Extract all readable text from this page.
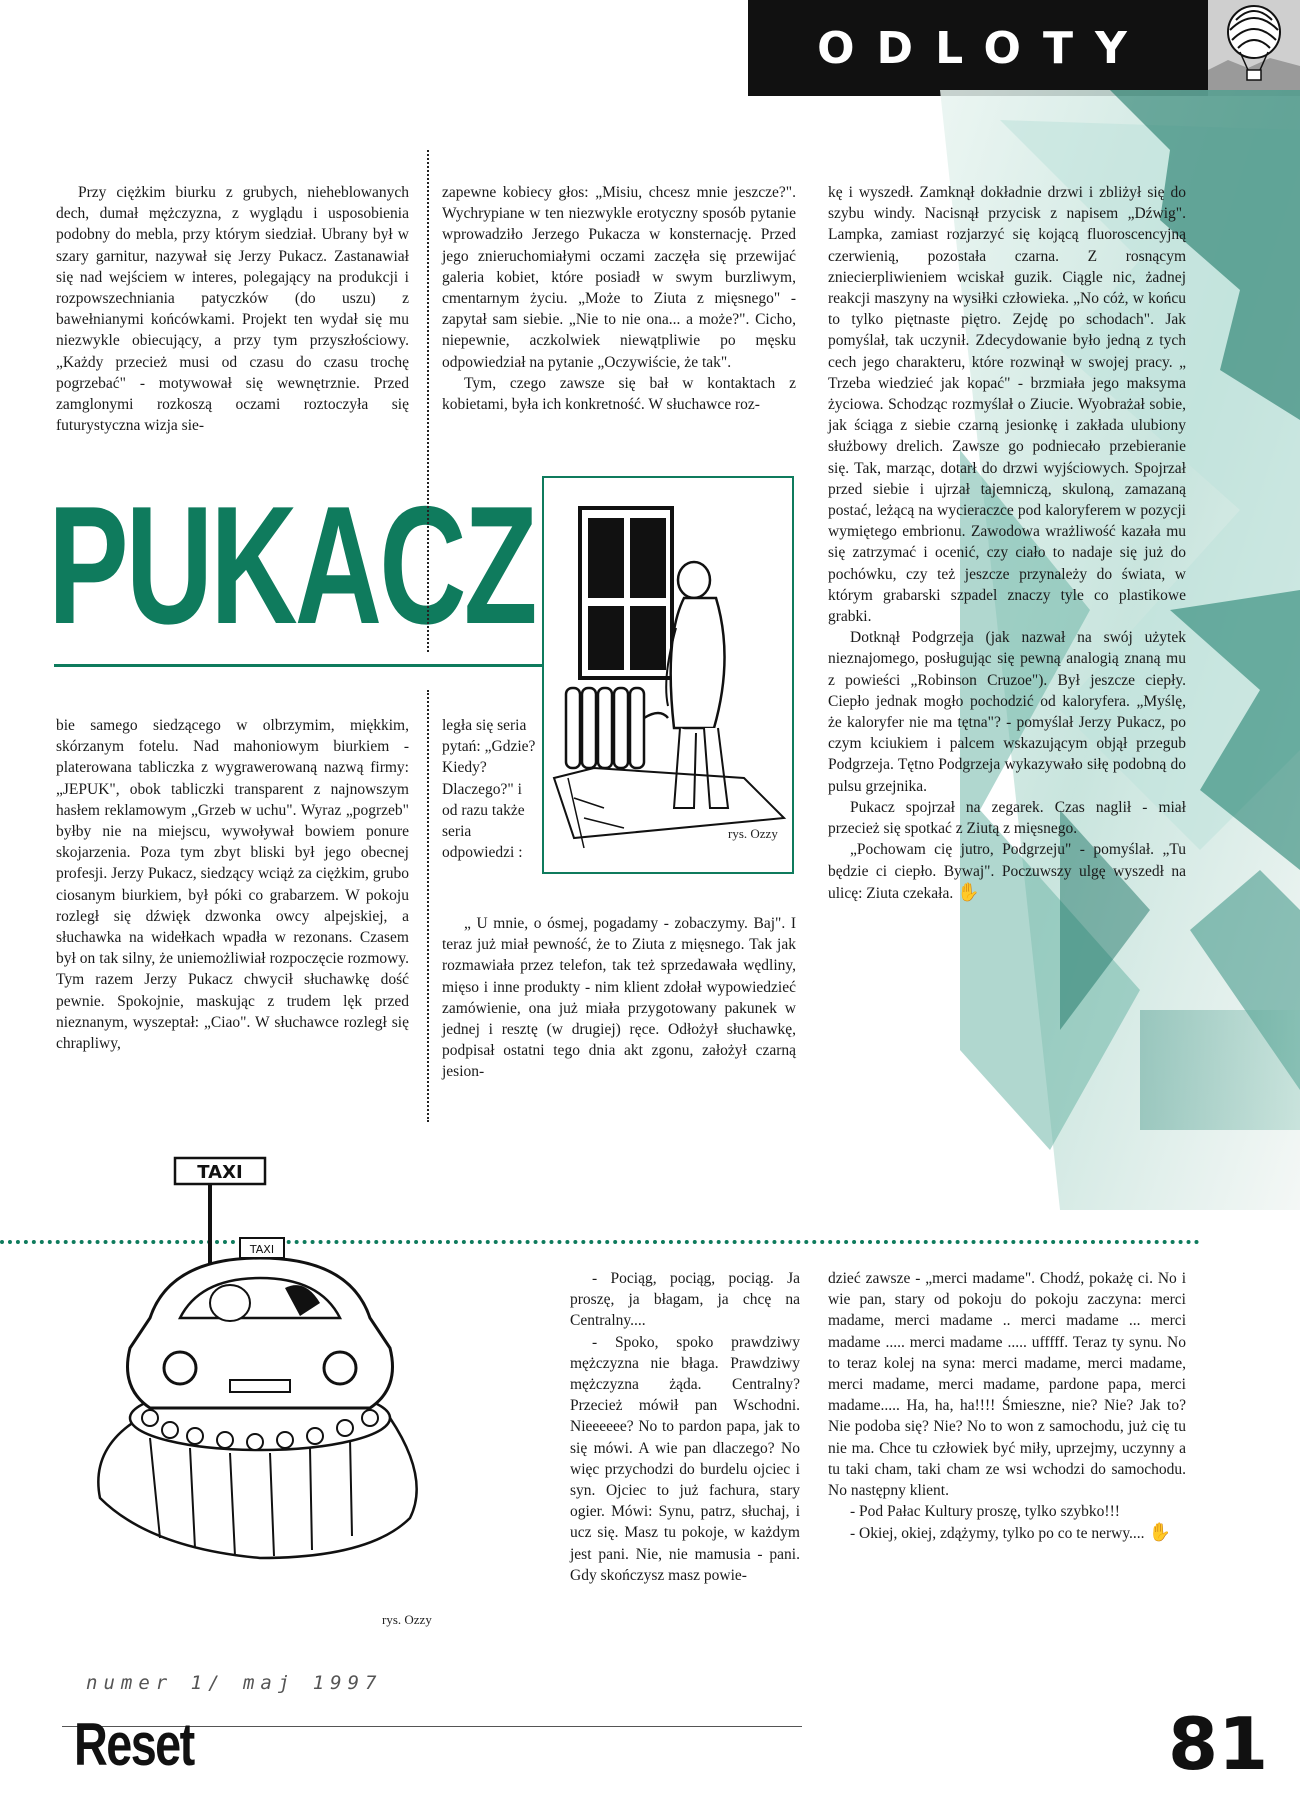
ODLOTY

Przy ciężkim biurku z grubych, nieheblowanych dech, dumał mężczyzna, z wyglądu i usposobienia podobny do mebla, przy którym siedział. Ubrany był w szary garnitur, nazywał się Jerzy Pukacz. Zastanawiał się nad wejściem w interes, polegający na produkcji i rozpowszechniania patyczków (do uszu) z bawełnianymi końcówkami. Projekt ten wydał się mu niezwykle obiecujący, a przy tym przyszłościowy. „Każdy przecież musi od czasu do czasu trochę pogrzebać" - motywował się wewnętrznie. Przed zamglonymi rozkoszą oczami roztoczyła się futurystyczna wizja sie-

zapewne kobiecy głos: „Misiu, chcesz mnie jeszcze?". Wychrypiane w ten niezwykle erotyczny sposób pytanie wprowadziło Jerzego Pukacza w konsternację. Przed jego znieruchomiałymi oczami zaczęła się przewijać galeria kobiet, które posiadł w swym burzliwym, cmentarnym życiu. „Może to Ziuta z mięsnego" - zapytał sam siebie. „Nie to nie ona... a może?". Cicho, niepewnie, aczkolwiek niewątpliwie po męsku odpowiedział na pytanie „Oczywiście, że tak".

Tym, czego zawsze się bał w kontaktach z kobietami, była ich konkretność. W słuchawce roz-

kę i wyszedł. Zamknął dokładnie drzwi i zbliżył się do szybu windy. Nacisnął przycisk z napisem „Dźwig". Lampka, zamiast rozjarzyć się kojącą fluoroscencyjną czerwienią, pozostała czarna. Z rosnącym zniecierpliwieniem wciskał guzik. Ciągle nic, żadnej reakcji maszyny na wysiłki człowieka. „No cóż, w końcu to tylko piętnaste piętro. Zejdę po schodach". Jak pomyślał, tak uczynił. Zdecydowanie było jedną z tych cech jego charakteru, które rozwinął w swojej pracy. „ Trzeba wiedzieć jak kopać" - brzmiała jego maksyma życiowa. Schodząc rozmyślał o Ziucie. Wyobrażał sobie, jak ściąga z siebie czarną jesionkę i zakłada ulubiony służbowy drelich. Zawsze go podniecało przebieranie się. Tak, marząc, dotarł do drzwi wyjściowych. Spojrzał przed siebie i ujrzał tajemniczą, skuloną, zamazaną postać, leżącą na wycieraczce pod kaloryferem w pozycji wymiętego embrionu. Zawodowa wrażliwość kazała mu się zatrzymać i ocenić, czy ciało to nadaje się już do pochówku, czy też jeszcze przynależy do świata, w którym grabarski szpadel znaczy tyle co plastikowe grabki.

Dotknął Podgrzeja (jak nazwał na swój użytek nieznajomego, posługując się pewną analogią znaną mu z powieści „Robinson Cruzoe"). Był jeszcze ciepły. Ciepło jednak mogło pochodzić od kaloryfera. „Myślę, że kaloryfer nie ma tętna"? - pomyślał Jerzy Pukacz, po czym kciukiem i palcem wskazującym objął przegub Podgrzeja. Tętno Podgrzeja wykazywało siłę podobną do pulsu grzejnika.

Pukacz spojrzał na zegarek. Czas naglił - miał przecież się spotkać z Ziutą z mięsnego.

„Pochowam cię jutro, Podgrzeju" - pomyślał. „Tu będzie ci ciepło. Bywaj". Poczuwszy ulgę wyszedł na ulicę: Ziuta czekała. ✋

PUKACZ
rys. Ozzy

bie samego siedzącego w olbrzymim, miękkim, skórzanym fotelu. Nad mahoniowym biurkiem - platerowana tabliczka z wygrawerowaną nazwą firmy: „JEPUK", obok tabliczki transparent z najnowszym hasłem reklamowym „Grzeb w uchu". Wyraz „pogrzeb" byłby nie na miejscu, wywoływał bowiem ponure skojarzenia. Poza tym zbyt bliski był jego obecnej profesji. Jerzy Pukacz, siedzący wciąż za ciężkim, grubo ciosanym biurkiem, był póki co grabarzem. W pokoju rozległ się dźwięk dzwonka owcy alpejskiej, a słuchawka na widełkach wpadła w rezonans. Czasem był on tak silny, że uniemożliwiał rozpoczęcie rozmowy. Tym razem Jerzy Pukacz chwycił słuchawkę dość pewnie. Spokojnie, maskując z trudem lęk przed nieznanym, wyszeptał: „Ciao". W słuchawce rozległ się chrapliwy,

legła się seria pytań: „Gdzie? Kiedy? Dlaczego?" i od razu także seria odpowiedzi :

„ U mnie, o ósmej, pogadamy - zobaczymy. Baj". I teraz już miał pewność, że to Ziuta z mięsnego. Tak jak rozmawiała przez telefon, tak też sprzedawała wędliny, mięso i inne produkty - nim klient zdołał wypowiedzieć zamówienie, ona już miała przygotowany pakunek w jednej i resztę (w drugiej) ręce. Odłożył słuchawkę, podpisał ostatni tego dnia akt zgonu, założył czarną jesion-

TAXI
TAXI
rys. Ozzy

- Pociąg, pociąg, pociąg. Ja proszę, ja błagam, ja chcę na Centralny....

- Spoko, spoko prawdziwy mężczyzna nie błaga. Prawdziwy mężczyzna żąda. Centralny? Przecież mówił pan Wschodni. Nieeeeee? No to pardon papa, jak to się mówi. A wie pan dlaczego? No więc przychodzi do burdelu ojciec i syn. Ojciec to już fachura, stary ogier. Mówi: Synu, patrz, słuchaj, i ucz się. Masz tu pokoje, w każdym jest pani. Nie, nie mamusia - pani. Gdy skończysz masz powie-

dzieć zawsze - „merci madame". Chodź, pokażę ci. No i wie pan, stary od pokoju do pokoju zaczyna: merci madame, merci madame .. merci madame ... merci madame ..... merci madame ..... ufffff. Teraz ty synu. No to teraz kolej na syna: merci madame, merci madame, merci madame, merci madame, pardone papa, merci madame..... Ha, ha, ha!!!! Śmieszne, nie? Nie? Jak to? Nie podoba się? Nie? No to won z samochodu, już cię tu nie ma. Chce tu człowiek być miły, uprzejmy, uczynny a tu taki cham, taki cham ze wsi wchodzi do samochodu. No następny klient.

- Pod Pałac Kultury proszę, tylko szybko!!!

- Okiej, okiej, zdążymy, tylko po co te nerwy.... ✋

numer 1/ maj 1997
Reset	81
